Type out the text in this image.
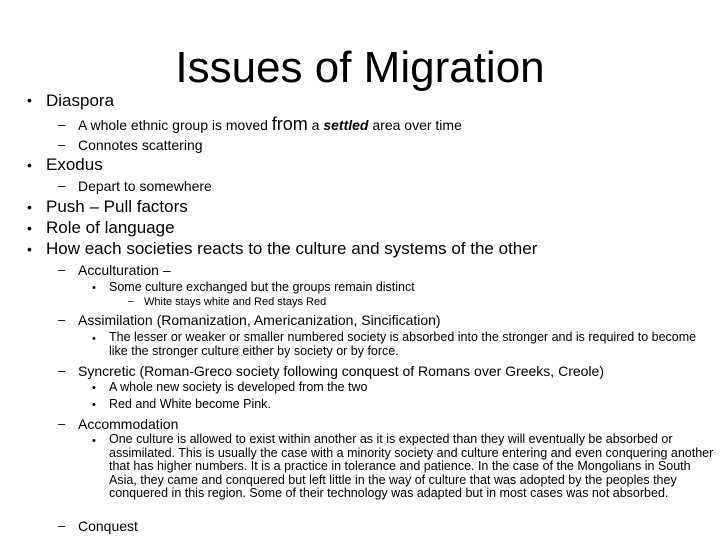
Issues of Migration
• Diaspora
– A whole ethnic group is moved from a settled area over time
– Connotes scattering
• Exodus
– Depart to somewhere
• Push – Pull factors
• Role of language
• How each societies reacts to the culture and systems of the other
– Acculturation –
• Some culture exchanged but the groups remain distinct
– White stays white and Red stays Red
– Assimilation (Romanization, Americanization, Sincification)
• The lesser or weaker or smaller numbered society is absorbed into the stronger and is required to become like the stronger culture either by society or by force.
– Syncretic (Roman-Greco society following conquest of Romans over Greeks, Creole)
• A whole new society is developed from the two
• Red and White become Pink.
– Accommodation
• One culture is allowed to exist within another as it is expected than they will eventually be absorbed or assimilated. This is usually the case with a minority society and culture entering and even conquering another that has higher numbers. It is a practice in tolerance and patience. In the case of the Mongolians in South Asia, they came and conquered but left little in the way of culture that was adopted by the peoples they conquered in this region. Some of their technology was adapted but in most cases was not absorbed.
– Conquest
